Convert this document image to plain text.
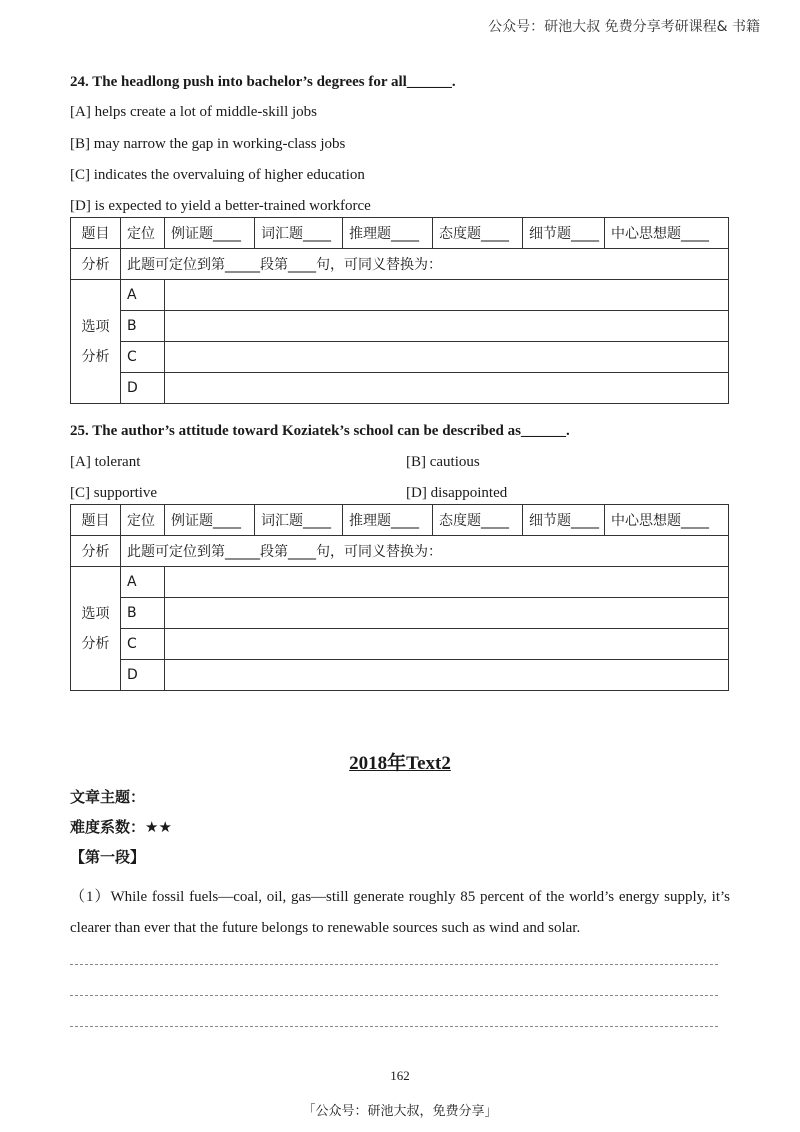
公众号：研池大叔 免费分享考研课程& 书籍
24. The headlong push into bachelor’s degrees for all______.
[A] helps create a lot of middle-skill jobs
[B] may narrow the gap in working-class jobs
[C] indicates the overvaluing of higher education
[D] is expected to yield a better-trained workforce
题目	定位	例证题____	词汇题____	推理题____	态度题____	细节题____	中心思想题____
分析	此题可定位到第_____段第____句，可同义替换为：						
选项
分析	A						
	B						
	C						
	D						
25. The author’s attitude toward Koziatek’s school can be described as______.
[A] tolerant	[B] cautious
[C] supportive	[D] disappointed
题目	定位	例证题____	词汇题____	推理题____	态度题____	细节题____	中心思想题____
分析	此题可定位到第_____段第____句，可同义替换为：						
选项
分析	A						
	B						
	C						
	D						
2018年Text2
文章主题：
难度系数：★★
【第一段】
（1）While fossil fuels—coal, oil, gas—still generate roughly 85 percent of the world’s energy supply, it’s clearer than ever that the future belongs to renewable sources such as wind and solar.
162
「公众号：研池大叔，免费分享」
